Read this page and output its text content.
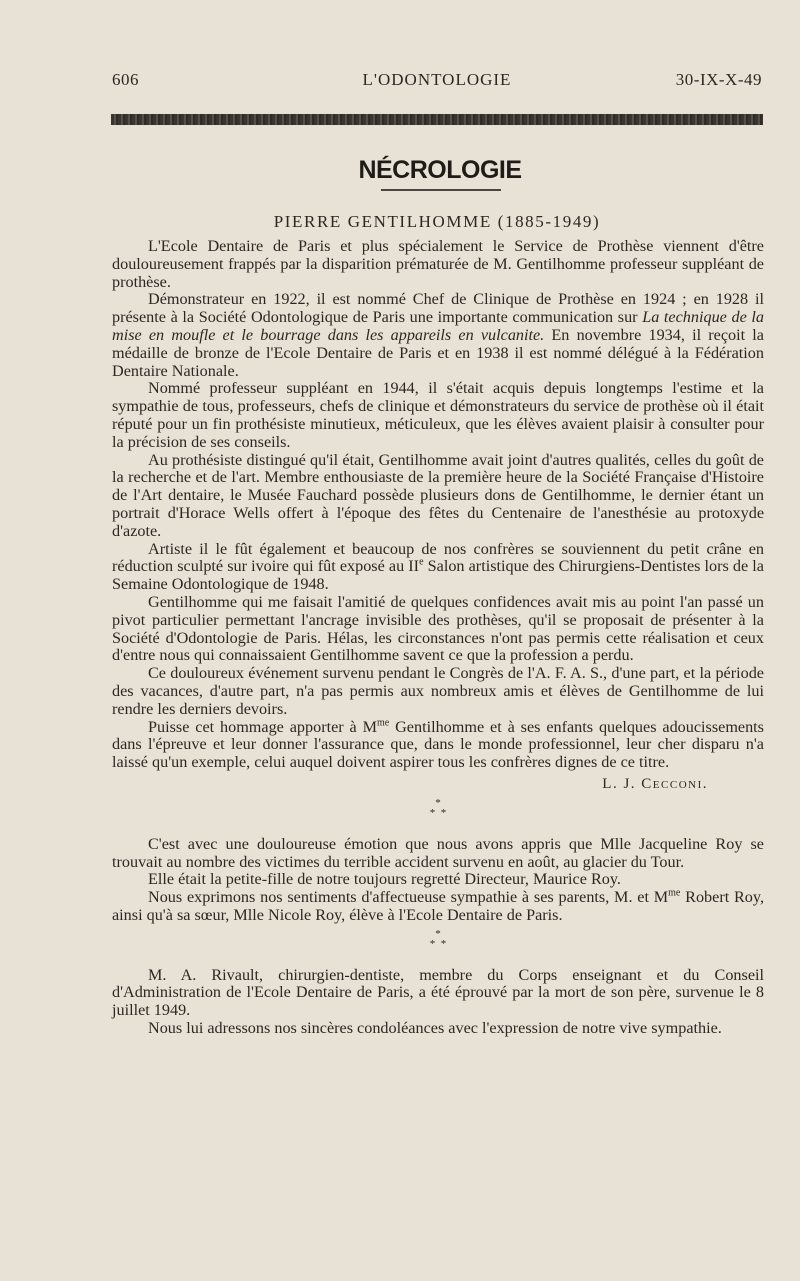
606	L'ODONTOLOGIE	30-IX-X-49
NÉCROLOGIE
PIERRE GENTILHOMME (1885-1949)

L'Ecole Dentaire de Paris et plus spécialement le Service de Prothèse viennent d'être douloureusement frappés par la disparition prématurée de M. Gentilhomme professeur suppléant de prothèse.

Démonstrateur en 1922, il est nommé Chef de Clinique de Prothèse en 1924 ; en 1928 il présente à la Société Odontologique de Paris une importante communication sur La technique de la mise en moufle et le bourrage dans les appareils en vulcanite. En novembre 1934, il reçoit la médaille de bronze de l'Ecole Dentaire de Paris et en 1938 il est nommé délégué à la Fédération Dentaire Nationale.

Nommé professeur suppléant en 1944, il s'était acquis depuis longtemps l'estime et la sympathie de tous, professeurs, chefs de clinique et démonstrateurs du service de prothèse où il était réputé pour un fin prothésiste minutieux, méticuleux, que les élèves avaient plaisir à consulter pour la précision de ses conseils.

Au prothésiste distingué qu'il était, Gentilhomme avait joint d'autres qualités, celles du goût de la recherche et de l'art. Membre enthousiaste de la première heure de la Société Française d'Histoire de l'Art dentaire, le Musée Fauchard possède plusieurs dons de Gentilhomme, le dernier étant un portrait d'Horace Wells offert à l'époque des fêtes du Centenaire de l'anesthésie au protoxyde d'azote.

Artiste il le fût également et beaucoup de nos confrères se souviennent du petit crâne en réduction sculpté sur ivoire qui fût exposé au IIe Salon artistique des Chirurgiens-Dentistes lors de la Semaine Odontologique de 1948.

Gentilhomme qui me faisait l'amitié de quelques confidences avait mis au point l'an passé un pivot particulier permettant l'ancrage invisible des prothèses, qu'il se proposait de présenter à la Société d'Odontologie de Paris. Hélas, les circonstances n'ont pas permis cette réalisation et ceux d'entre nous qui connaissaient Gentilhomme savent ce que la profession a perdu.

Ce douloureux événement survenu pendant le Congrès de l'A. F. A. S., d'une part, et la période des vacances, d'autre part, n'a pas permis aux nombreux amis et élèves de Gentilhomme de lui rendre les derniers devoirs.

Puisse cet hommage apporter à $M^{me}$ Gentilhomme et à ses enfants quelques adoucissements dans l'épreuve et leur donner l'assurance que, dans le monde professionnel, leur cher disparu n'a laissé qu'un exemple, celui auquel doivent aspirer tous les confrères dignes de ce titre.

L. J. Cecconi.
*
*  *

C'est avec une douloureuse émotion que nous avons appris que Mlle Jacqueline Roy se trouvait au nombre des victimes du terrible accident survenu en août, au glacier du Tour.

Elle était la petite-fille de notre toujours regretté Directeur, Maurice Roy.

Nous exprimons nos sentiments d'affectueuse sympathie à ses parents, M. et $M^{me}$ Robert Roy, ainsi qu'à sa sœur, Mlle Nicole Roy, élève à l'Ecole Dentaire de Paris.

*
*  *

M. A. Rivault, chirurgien-dentiste, membre du Corps enseignant et du Conseil d'Administration de l'Ecole Dentaire de Paris, a été éprouvé par la mort de son père, survenue le 8 juillet 1949.

Nous lui adressons nos sincères condoléances avec l'expression de notre vive sympathie.
